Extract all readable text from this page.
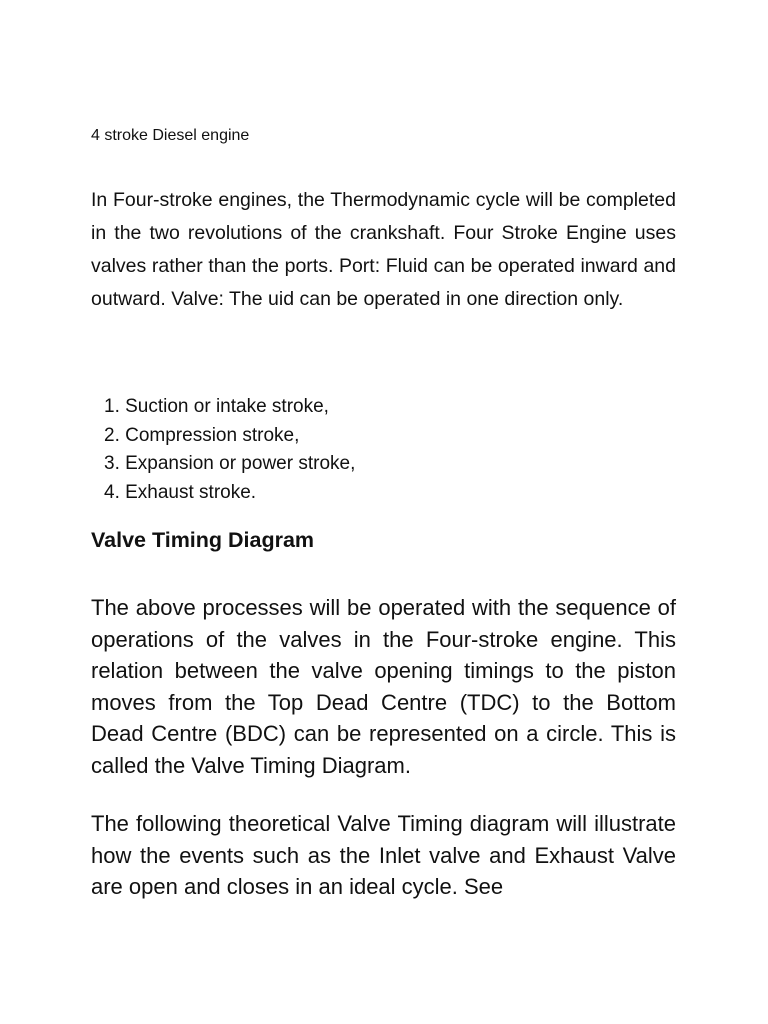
4 stroke Diesel engine

In Four-stroke engines, the Thermodynamic cycle will be completed in the two revolutions of the crankshaft. Four Stroke Engine uses valves rather than the ports. Port: Fluid can be operated inward and outward. Valve: The uid can be operated in one direction only.

1. Suction or intake stroke,
2. Compression stroke,
3. Expansion or power stroke,
4. Exhaust stroke.
Valve Timing Diagram

The above processes will be operated with the sequence of operations of the valves in the Four-stroke engine. This relation between the valve opening timings to the piston moves from the Top Dead Centre (TDC) to the Bottom Dead Centre (BDC) can be represented on a circle. This is called the Valve Timing Diagram.

The following theoretical Valve Timing diagram will illustrate how the events such as the Inlet valve and Exhaust Valve are open and closes in an ideal cycle. See
